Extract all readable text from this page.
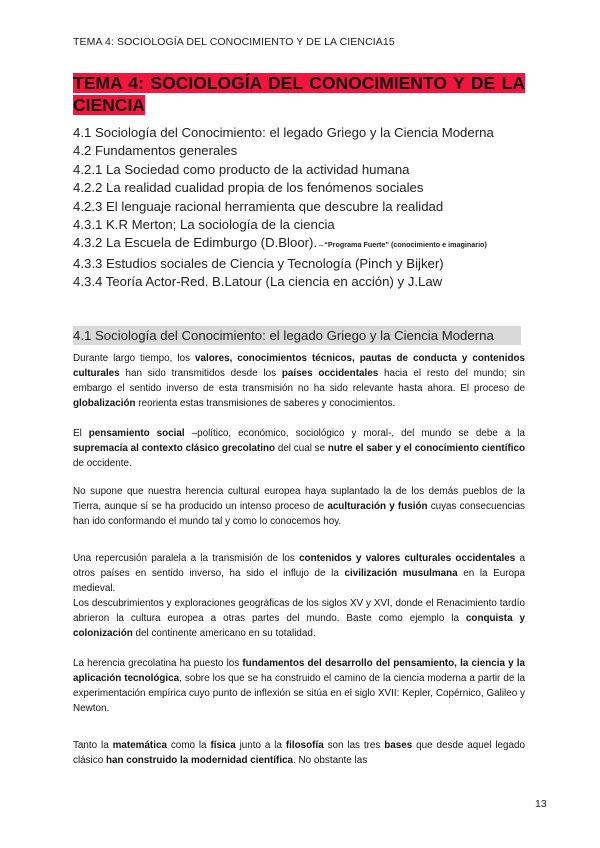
TEMA 4: SOCIOLOGÍA DEL CONOCIMIENTO Y DE LA CIENCIA15
TEMA 4: SOCIOLOGÍA DEL CONOCIMIENTO Y DE LA CIENCIA
4.1 Sociología del Conocimiento: el legado Griego y la Ciencia Moderna
4.2 Fundamentos generales
4.2.1 La Sociedad como producto de la actividad humana
4.2.2 La realidad cualidad propia de los fenómenos sociales
4.2.3 El lenguaje racional herramienta que descubre la realidad
4.3.1 K.R Merton; La sociología de la ciencia
4.3.2 La Escuela de Edimburgo (D.Bloor).→“Programa Fuerte” (conocimiento e imaginario)
4.3.3 Estudios sociales de Ciencia y Tecnología (Pinch y Bijker)
4.3.4 Teoría Actor-Red. B.Latour (La ciencia en acción) y J.Law
4.1 Sociología del Conocimiento: el legado Griego y la Ciencia Moderna
Durante largo tiempo, los valores, conocimientos técnicos, pautas de conducta y contenidos culturales han sido transmitidos desde los países occidentales hacia el resto del mundo; sin embargo el sentido inverso de esta transmisión no ha sido relevante hasta ahora. El proceso de globalización reorienta estas transmisiones de saberes y conocimientos.
El pensamiento social –político, económico, sociológico y moral-, del mundo se debe a la supremacía al contexto clásico grecolatino del cual se nutre el saber y el conocimiento científico de occidente.
No supone que nuestra herencia cultural europea haya suplantado la de los demás pueblos de la Tierra, aunque sí se ha producido un intenso proceso de aculturación y fusión cuyas consecuencias han ido conformando el mundo tal y como lo conocemos hoy.
Una repercusión paralela a la transmisión de los contenidos y valores culturales occidentales a otros países en sentido inverso, ha sido el influjo de la civilización musulmana en la Europa medieval.
Los descubrimientos y exploraciones geográficas de los siglos XV y XVI, donde el Renacimiento tardío abrieron la cultura europea a otras partes del mundo. Baste como ejemplo la conquista y colonización del continente americano en su totalidad.
La herencia grecolatina ha puesto los fundamentos del desarrollo del pensamiento, la ciencia y la aplicación tecnológica, sobre los que se ha construido el camino de la ciencia moderna a partir de la experimentación empírica cuyo punto de inflexión se sitúa en el siglo XVII: Kepler, Copérnico, Galileo y Newton.
Tanto la matemática como la física junto a la filosofía son las tres bases que desde aquel legado clásico han construido la modernidad científica. No obstante las
13
